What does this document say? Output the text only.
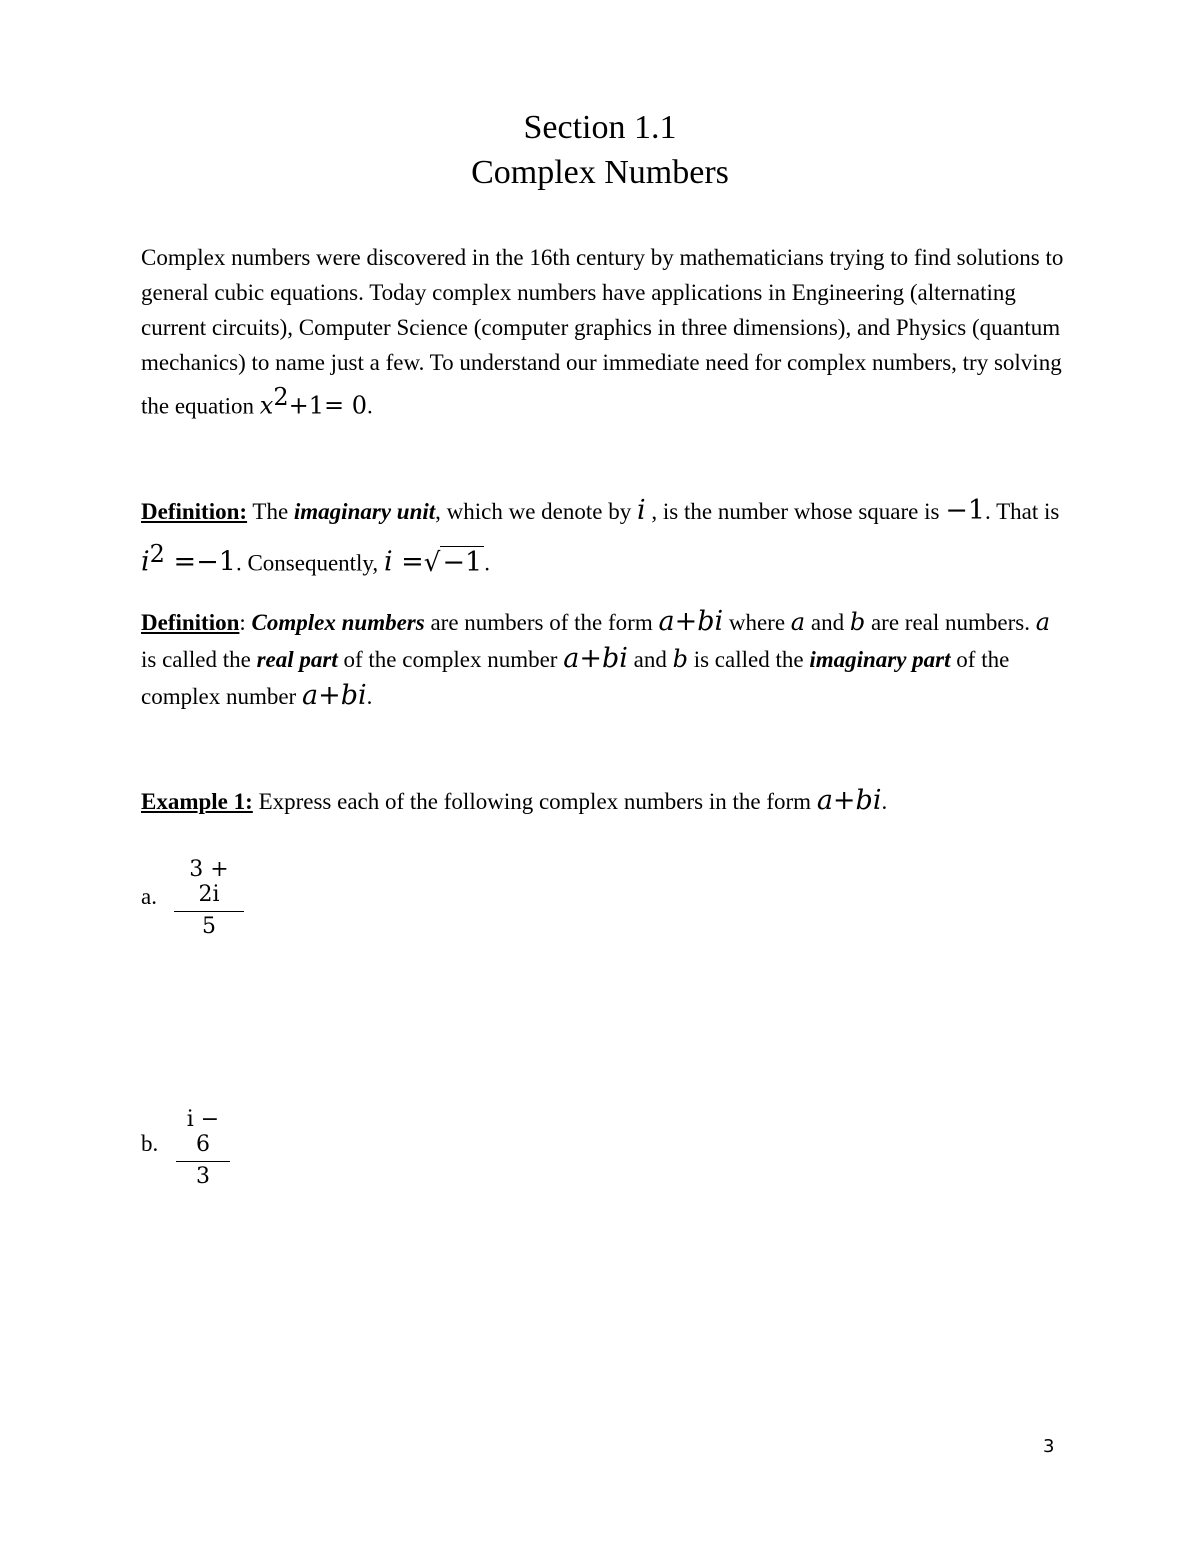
Section 1.1
Complex Numbers
Complex numbers were discovered in the 16th century by mathematicians trying to find solutions to general cubic equations. Today complex numbers have applications in Engineering (alternating current circuits), Computer Science (computer graphics in three dimensions), and Physics (quantum mechanics) to name just a few. To understand our immediate need for complex numbers, try solving the equation $x^2+1= 0$.
Definition: The imaginary unit, which we denote by i , is the number whose square is −1. That is $i^2 =-1$. Consequently, i =√−1.
Definition: Complex numbers are numbers of the form a+bi where a and b are real numbers. a is called the real part of the complex number a+bi and b is called the imaginary part of the complex number a+bi.
Example 1: Express each of the following complex numbers in the form a+bi.
a.
3 + 2i
5
b.
i − 6
3
3
